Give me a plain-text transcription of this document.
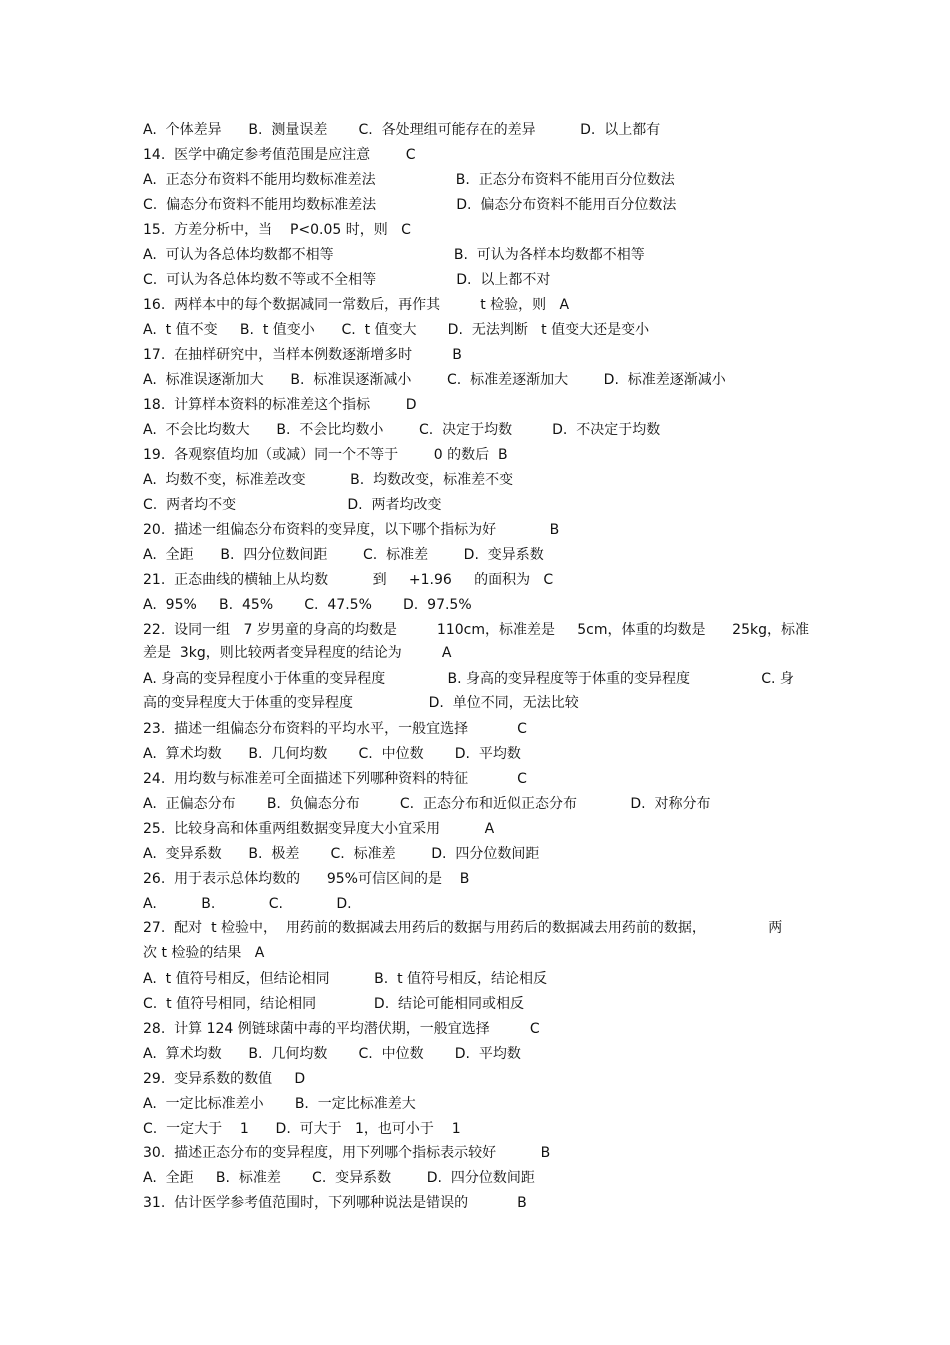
A.  个体差异      B.  测量误差       C.  各处理组可能存在的差异          D.  以上都有
14.  医学中确定参考值范围是应注意        C
A.  正态分布资料不能用均数标准差法                  B.  正态分布资料不能用百分位数法
C.  偏态分布资料不能用均数标准差法                  D.  偏态分布资料不能用百分位数法
15.  方差分析中，当    P<0.05 时，则   C
A.  可认为各总体均数都不相等                           B.  可认为各样本均数都不相等
C.  可认为各总体均数不等或不全相等                  D.  以上都不对
16.  两样本中的每个数据减同一常数后，再作其         t 检验，则   A
A.  t 值不变     B.  t 值变小      C.  t 值变大       D.  无法判断   t 值变大还是变小
17.  在抽样研究中，当样本例数逐渐增多时         B
A.  标准误逐渐加大      B.  标准误逐渐减小        C.  标准差逐渐加大        D.  标准差逐渐减小
18.  计算样本资料的标准差这个指标        D
A.  不会比均数大      B.  不会比均数小        C.  决定于均数         D.  不决定于均数
19.  各观察值均加（或减）同一个不等于        0 的数后  B
A.  均数不变，标准差改变          B.  均数改变，标准差不变
C.  两者均不变                         D.  两者均改变
20.  描述一组偏态分布资料的变异度，以下哪个指标为好            B
A.  全距      B.  四分位数间距        C.  标准差        D.  变异系数
21.  正态曲线的横轴上从均数          到     +1.96     的面积为   C
A.  95%     B.  45%       C.  47.5%       D.  97.5%
22.  设同一组   7 岁男童的身高的均数是         110cm，标准差是     5cm，体重的均数是      25kg，标准
差是  3kg，则比较两者变异程度的结论为         A
A. 身高的变异程度小于体重的变异程度              B. 身高的变异程度等于体重的变异程度                C. 身
高的变异程度大于体重的变异程度                 D.  单位不同，无法比较
23.  描述一组偏态分布资料的平均水平，一般宜选择           C
A.  算术均数      B.  几何均数       C.  中位数       D.  平均数
24.  用均数与标准差可全面描述下列哪种资料的特征           C
A.  正偏态分布       B.  负偏态分布         C.  正态分布和近似正态分布            D.  对称分布
25.  比较身高和体重两组数据变异度大小宜采用          A
A.  变异系数      B.  极差       C.  标准差        D.  四分位数间距
26.  用于表示总体均数的      95%可信区间的是    B
A.          B.            C.            D.
27.  配对  t 检验中，  用药前的数据减去用药后的数据与用药后的数据减去用药前的数据，              两
次 t 检验的结果   A
A.  t 值符号相反，但结论相同          B.  t 值符号相反，结论相反
C.  t 值符号相同，结论相同             D.  结论可能相同或相反
28.  计算 124 例链球菌中毒的平均潜伏期，一般宜选择         C
A.  算术均数      B.  几何均数       C.  中位数       D.  平均数
29.  变异系数的数值     D
A.  一定比标准差小       B.  一定比标准差大
C.  一定大于    1      D.  可大于   1，也可小于    1
30.  描述正态分布的变异程度，用下列哪个指标表示较好          B
A.  全距     B.  标准差       C.  变异系数        D.  四分位数间距
31.  估计医学参考值范围时，下列哪种说法是错误的           B
